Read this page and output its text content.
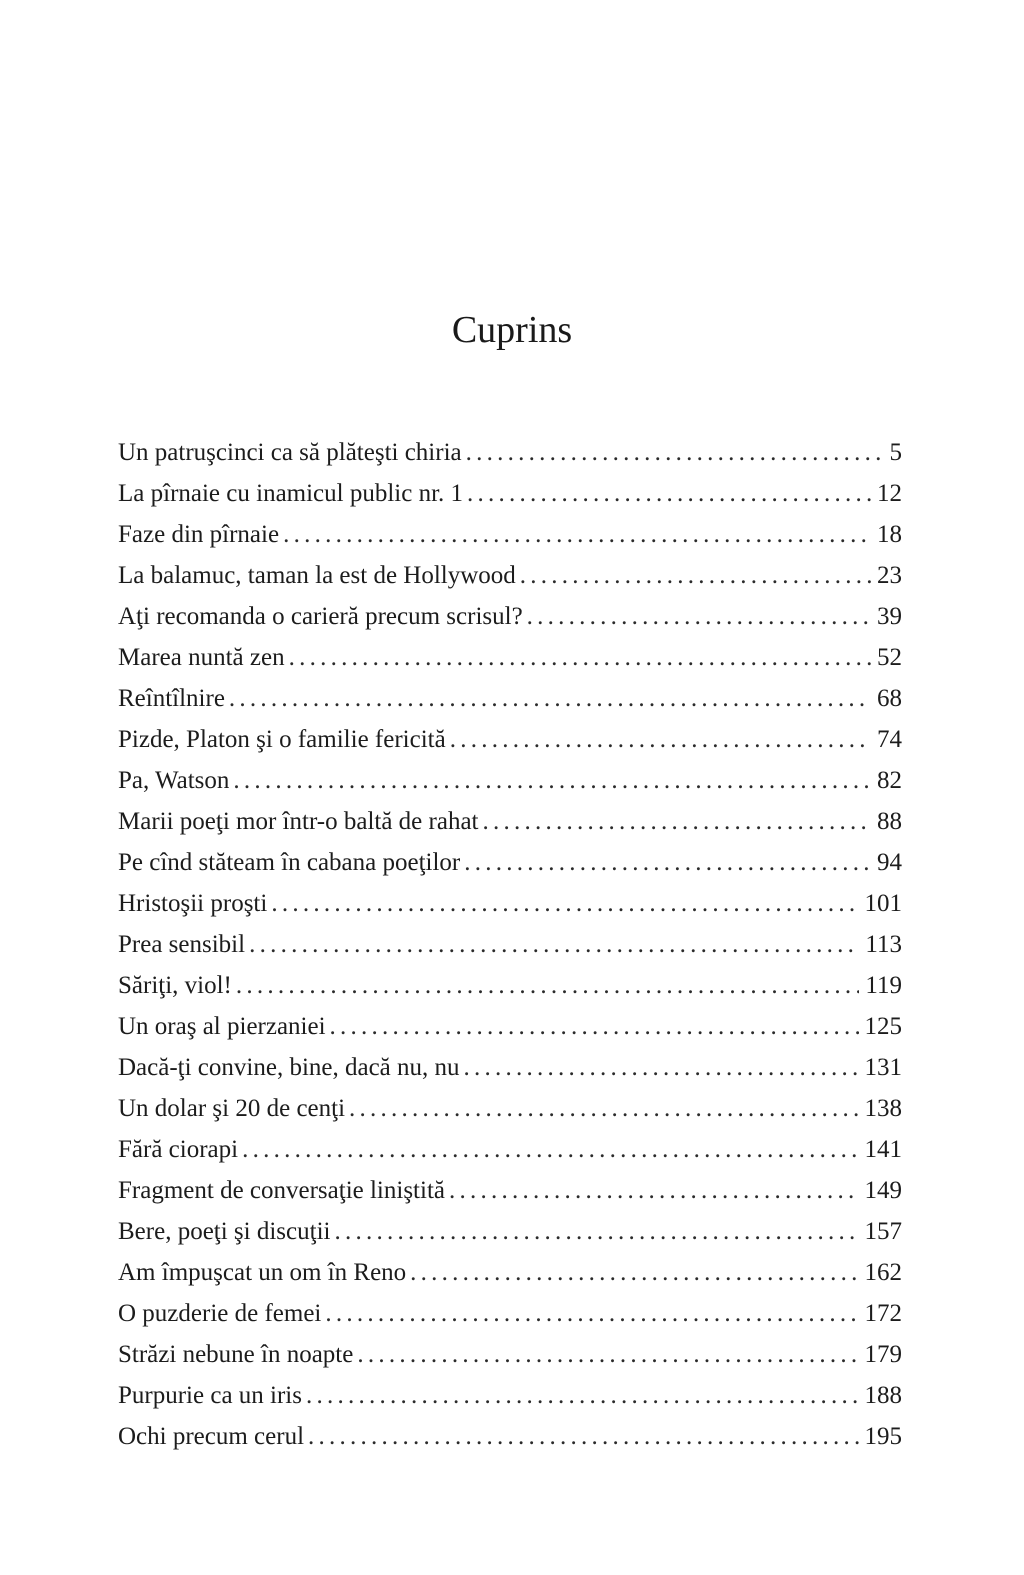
Cuprins
Un patruşcinci ca să plăteşti chiria . . .	5
La pîrnaie cu inamicul public nr. 1 . . .	12
Faze din pîrnaie . . .	18
La balamuc, taman la est de Hollywood . . .	23
Aţi recomanda o carieră precum scrisul? . . .	39
Marea nuntă zen . . .	52
Reîntîlnire . . .	68
Pizde, Platon şi o familie fericită . . .	74
Pa, Watson . . .	82
Marii poeţi mor într-o baltă de rahat . . .	88
Pe cînd stăteam în cabana poeţilor . . .	94
Hristoşii proşti . . .	101
Prea sensibil . . .	113
Săriţi, viol! . . .	119
Un oraş al pierzaniei . . .	125
Dacă-ţi convine, bine, dacă nu, nu . . .	131
Un dolar şi 20 de cenţi . . .	138
Fără ciorapi . . .	141
Fragment de conversaţie liniştită . . .	149
Bere, poeţi şi discuţii . . .	157
Am împuşcat un om în Reno . . .	162
O puzderie de femei . . .	172
Străzi nebune în noapte . . .	179
Purpurie ca un iris . . .	188
Ochi precum cerul . . .	195
